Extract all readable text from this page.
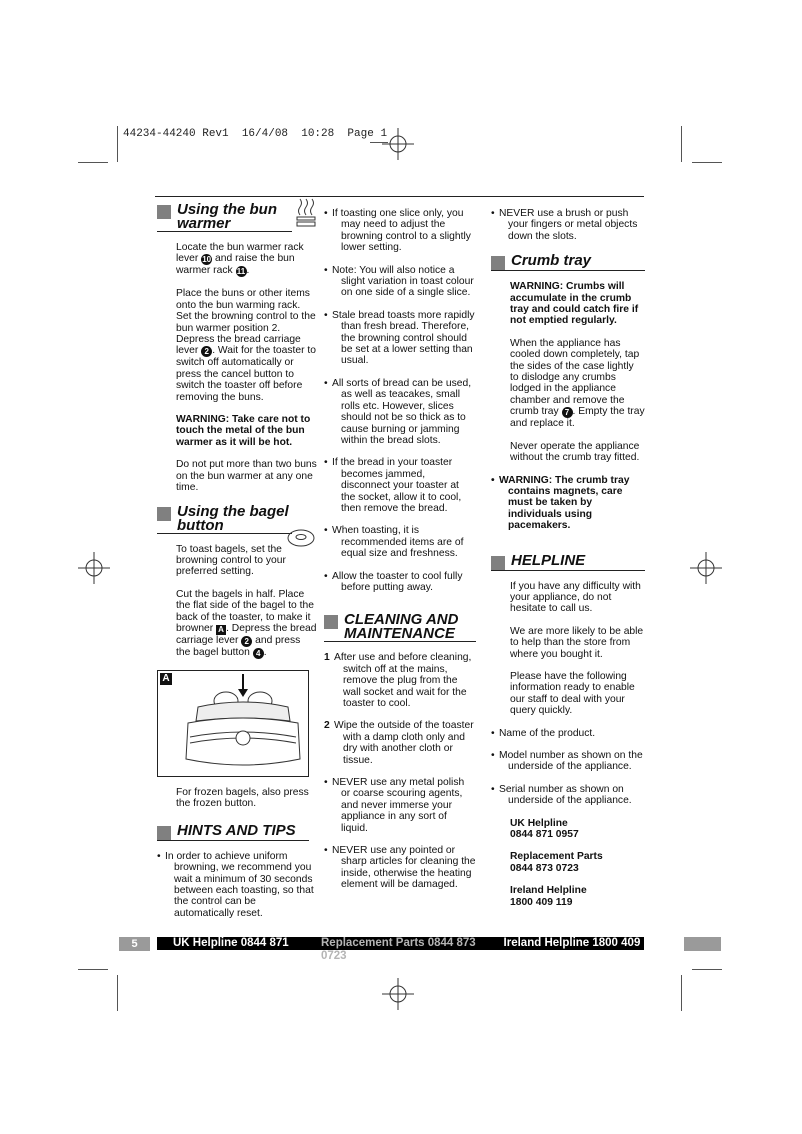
44234-44240 Rev1  16/4/08  10:28  Page 1
Using the bun
warmer

Locate the bun warmer rack lever 10 and raise the bun warmer rack 11.

Place the buns or other items onto the bun warming rack. Set the browning control to the bun warmer position 2. Depress the bread carriage lever 2 . Wait for the toaster to switch off automatically or press the cancel button to switch the toaster off before removing the buns.

WARNING: Take care not to touch the metal of the bun warmer as it will be hot.

Do not put more than two buns on the bun warmer at any one time.

Using the bagel
button

To toast bagels, set the browning control to your preferred setting.

Cut the bagels in half. Place the flat side of the bagel to the back of the toaster, to make it browner A . Depress the bread carriage lever 2 and press the bagel button 4 .

A

For frozen bagels, also press the frozen button.

HINTS AND TIPS
• In order to achieve uniform browning, we recommend you wait a minimum of 30 seconds between each toasting, so that the control can be automatically reset.
• If toasting one slice only, you may need to adjust the browning control to a slightly lower setting.
• Note: You will also notice a slight variation in toast colour on one side of a single slice.
• Stale bread toasts more rapidly than fresh bread. Therefore, the browning control should be set at a lower setting than usual.
• All sorts of bread can be used, as well as teacakes, small rolls etc. However, slices should not be so thick as to cause burning or jamming within the bread slots.
• If the bread in your toaster becomes jammed, disconnect your toaster at the socket, allow it to cool, then remove the bread.
• When toasting, it is recommended items are of equal size and freshness.
• Allow the toaster to cool fully before putting away.
CLEANING AND
MAINTENANCE
1 After use and before cleaning, switch off at the mains, remove the plug from the wall socket and wait for the toaster to cool.
2 Wipe the outside of the toaster with a damp cloth only and dry with another cloth or tissue.
• NEVER use any metal polish or coarse scouring agents, and never immerse your appliance in any sort of liquid.
• NEVER use any pointed or sharp articles for cleaning the inside, otherwise the heating element will be damaged.
• NEVER use a brush or push your fingers or metal objects down the slots.
Crumb tray

WARNING: Crumbs will accumulate in the crumb tray and could catch fire if not emptied regularly.

When the appliance has cooled down completely, tap the sides of the case lightly to dislodge any crumbs lodged in the appliance chamber and remove the crumb tray 7 . Empty the tray and replace it.

Never operate the appliance without the crumb tray fitted.

• WARNING: The crumb tray contains magnets, care must be taken by individuals using pacemakers.
HELPLINE

If you have any difficulty with your appliance, do not hesitate to call us.

We are more likely to be able to help than the store from where you bought it.

Please have the following information ready to enable our staff to deal with your query quickly.

• Name of the product.
• Model number as shown on the underside of the appliance.
• Serial number as shown on underside of the appliance.

UK Helpline
0844 871 0957

Replacement Parts
0844 873 0723

Ireland Helpline
1800 409 119

5	UK Helpline 0844 871 0957
Replacement Parts 0844 873 0723
Ireland Helpline 1800 409 119
